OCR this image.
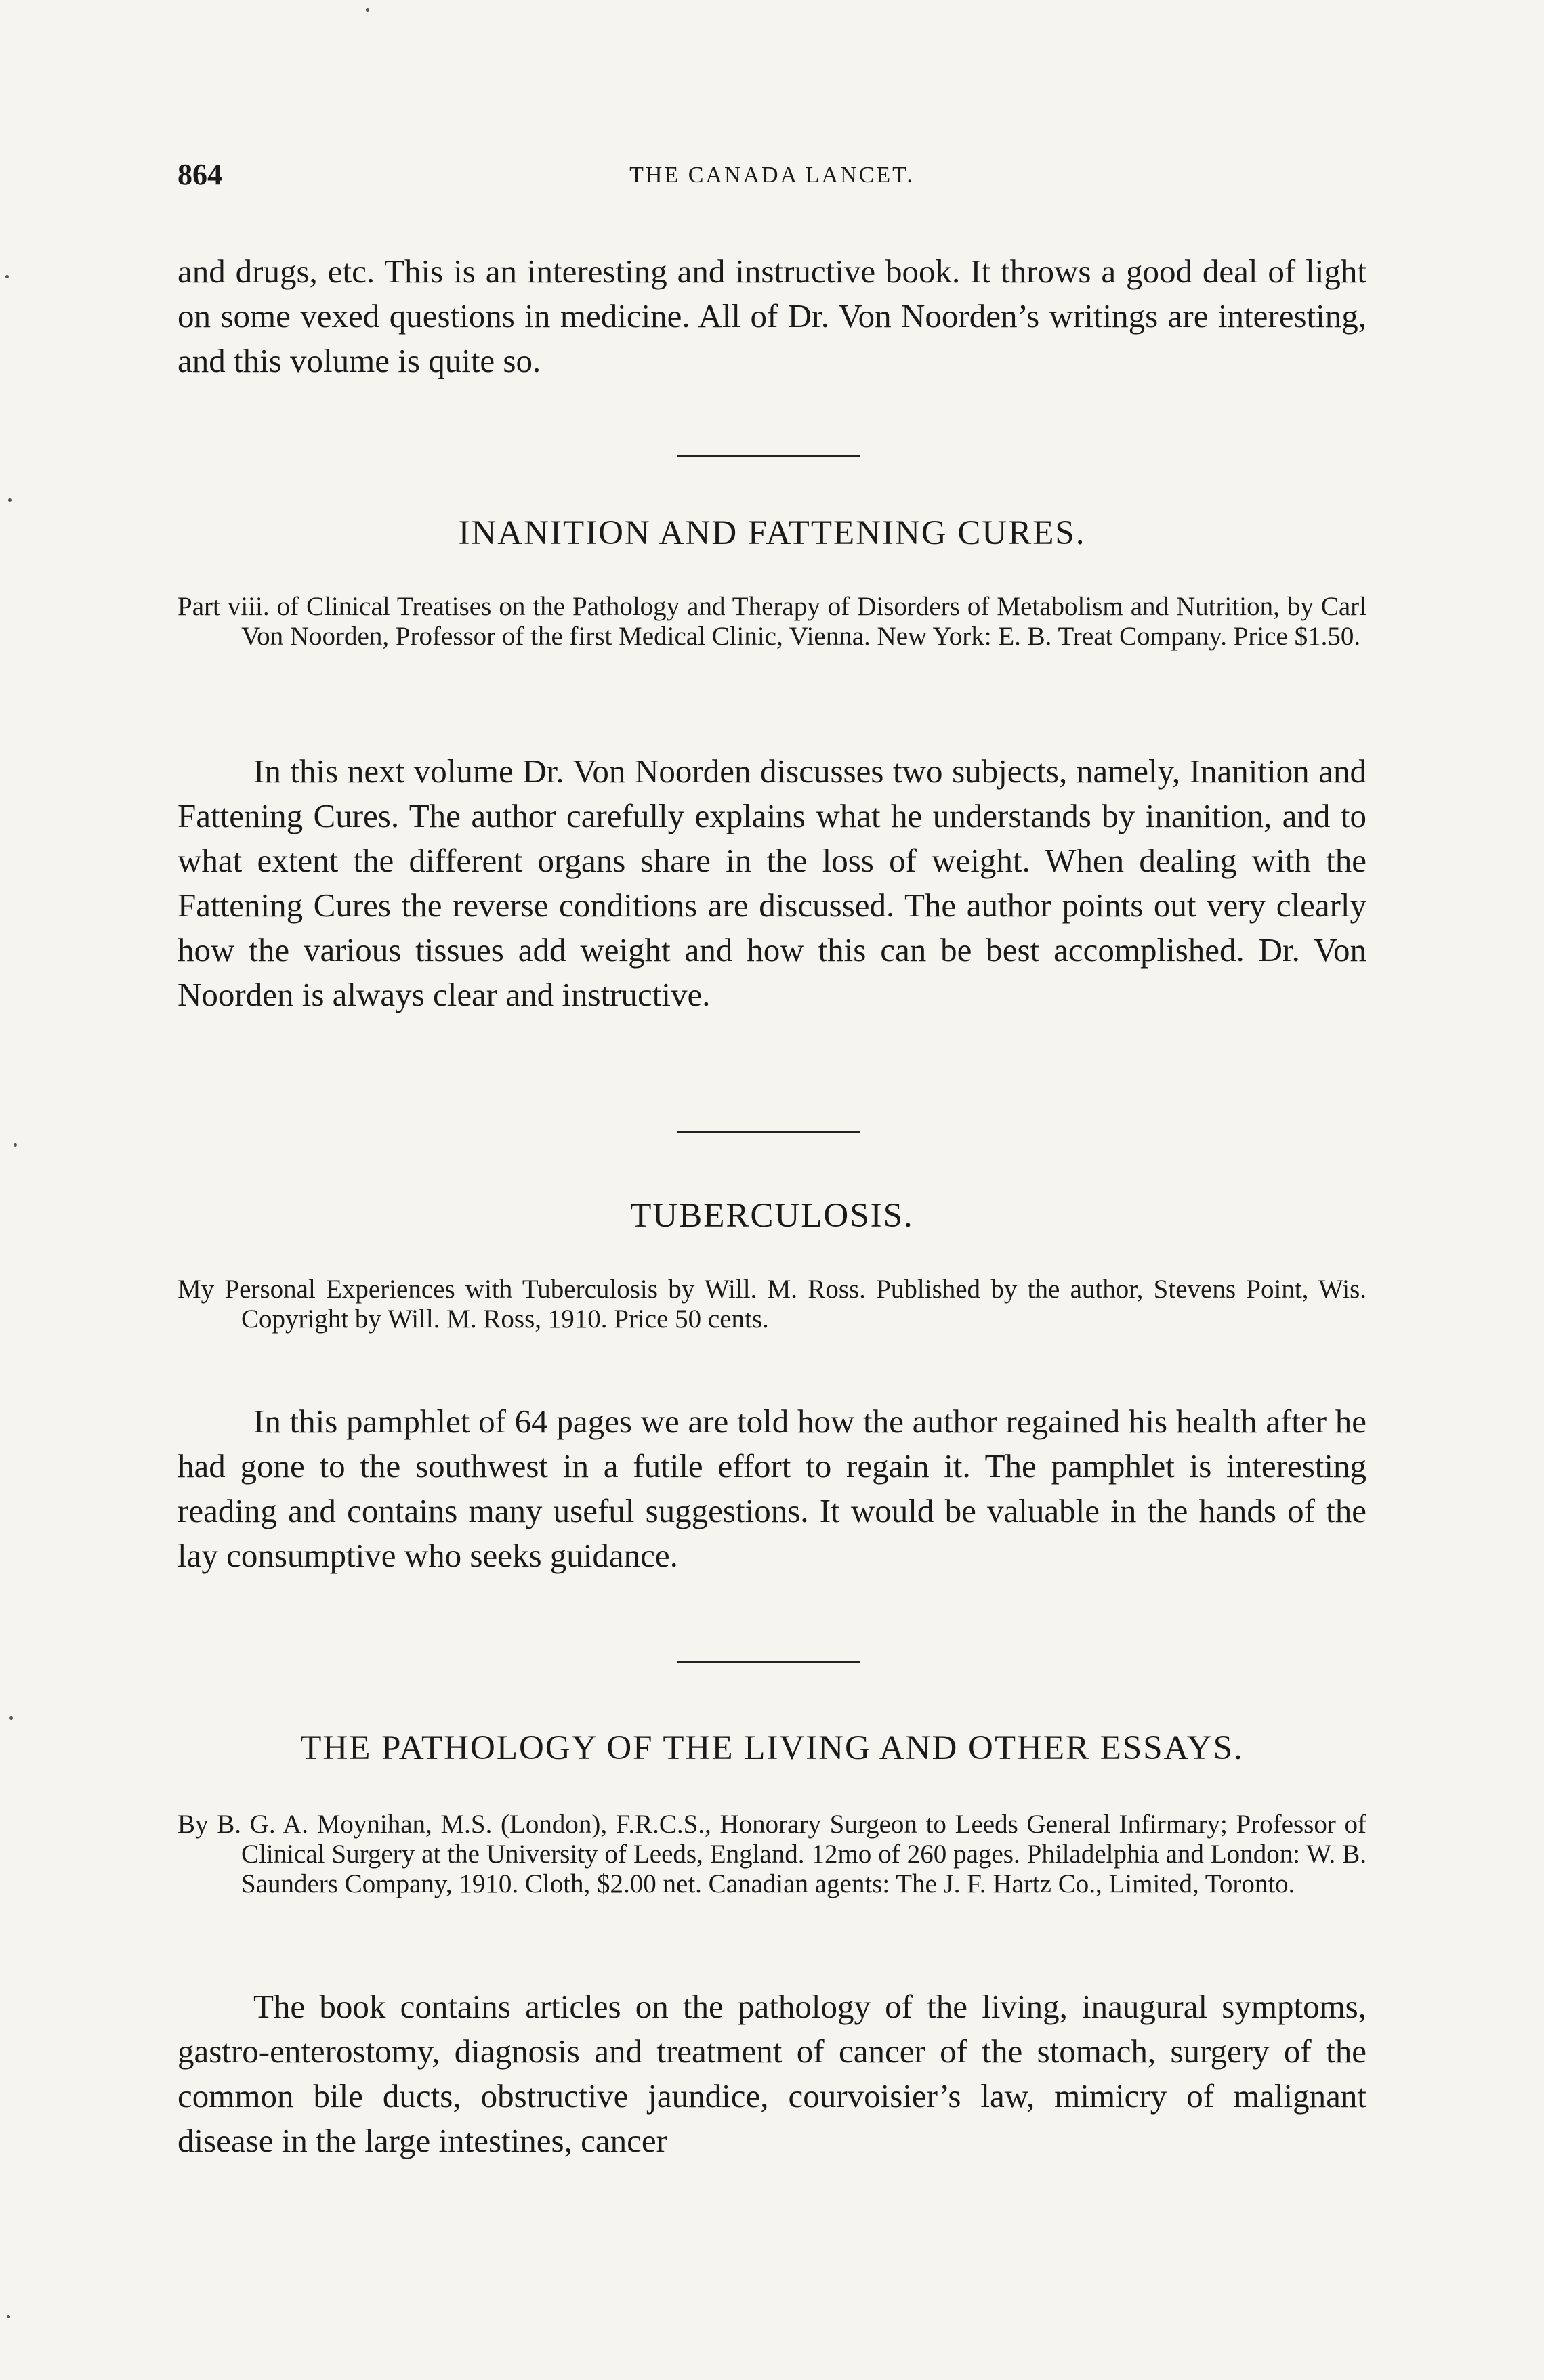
864	THE CANADA LANCET.

and drugs, etc. This is an interesting and instructive book. It throws a good deal of light on some vexed questions in medicine. All of Dr. Von Noorden’s writings are interesting, and this volume is quite so.

INANITION AND FATTENING CURES.

Part viii. of Clinical Treatises on the Pathology and Therapy of Disorders of Metabolism and Nutrition, by Carl Von Noorden, Professor of the first Medical Clinic, Vienna. New York: E. B. Treat Company. Price $1.50.

In this next volume Dr. Von Noorden discusses two subjects, namely, Inanition and Fattening Cures. The author carefully explains what he understands by inanition, and to what extent the different organs share in the loss of weight. When dealing with the Fattening Cures the reverse conditions are discussed. The author points out very clearly how the various tissues add weight and how this can be best accomplished. Dr. Von Noorden is always clear and instructive.

TUBERCULOSIS.

My Personal Experiences with Tuberculosis by Will. M. Ross. Published by the author, Stevens Point, Wis. Copyright by Will. M. Ross, 1910. Price 50 cents.

In this pamphlet of 64 pages we are told how the author regained his health after he had gone to the southwest in a futile effort to regain it. The pamphlet is interesting reading and contains many useful suggestions. It would be valuable in the hands of the lay consumptive who seeks guidance.

THE PATHOLOGY OF THE LIVING AND OTHER ESSAYS.

By B. G. A. Moynihan, M.S. (London), F.R.C.S., Honorary Surgeon to Leeds General Infirmary; Professor of Clinical Surgery at the University of Leeds, England. 12mo of 260 pages. Philadelphia and London: W. B. Saunders Company, 1910. Cloth, $2.00 net. Canadian agents: The J. F. Hartz Co., Limited, Toronto.

The book contains articles on the pathology of the living, inaugural symptoms, gastro-enterostomy, diagnosis and treatment of cancer of the stomach, surgery of the common bile ducts, obstructive jaundice, courvoisier’s law, mimicry of malignant disease in the large intestines, cancer
